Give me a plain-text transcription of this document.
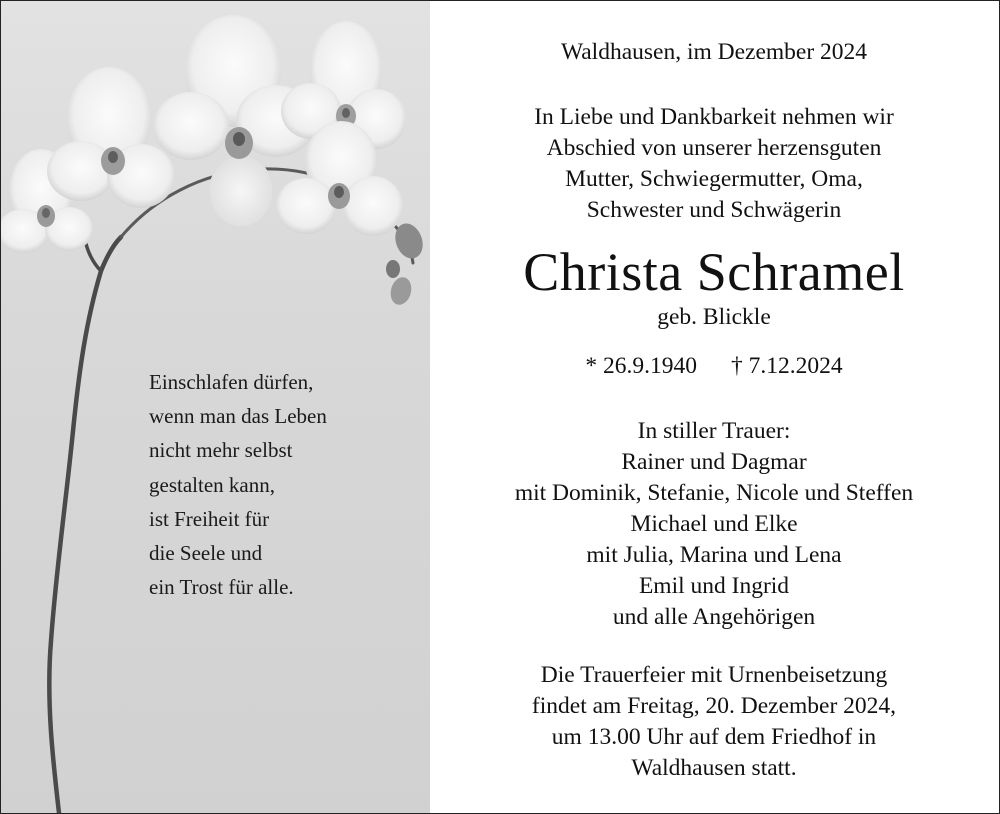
Einschlafen dürfen,
wenn man das Leben
nicht mehr selbst
gestalten kann,
ist Freiheit für
die Seele und
ein Trost für alle.
Waldhausen, im Dezember 2024
In Liebe und Dankbarkeit nehmen wir
Abschied von unserer herzensguten
Mutter, Schwiegermutter, Oma,
Schwester und Schwägerin
Christa Schramel
geb. Blickle
* 26.9.1940 † 7.12.2024
In stiller Trauer:
Rainer und Dagmar
mit Dominik, Stefanie, Nicole und Steffen
Michael und Elke
mit Julia, Marina und Lena
Emil und Ingrid
und alle Angehörigen
Die Trauerfeier mit Urnenbeisetzung
findet am Freitag, 20. Dezember 2024,
um 13.00 Uhr auf dem Friedhof in
Waldhausen statt.
